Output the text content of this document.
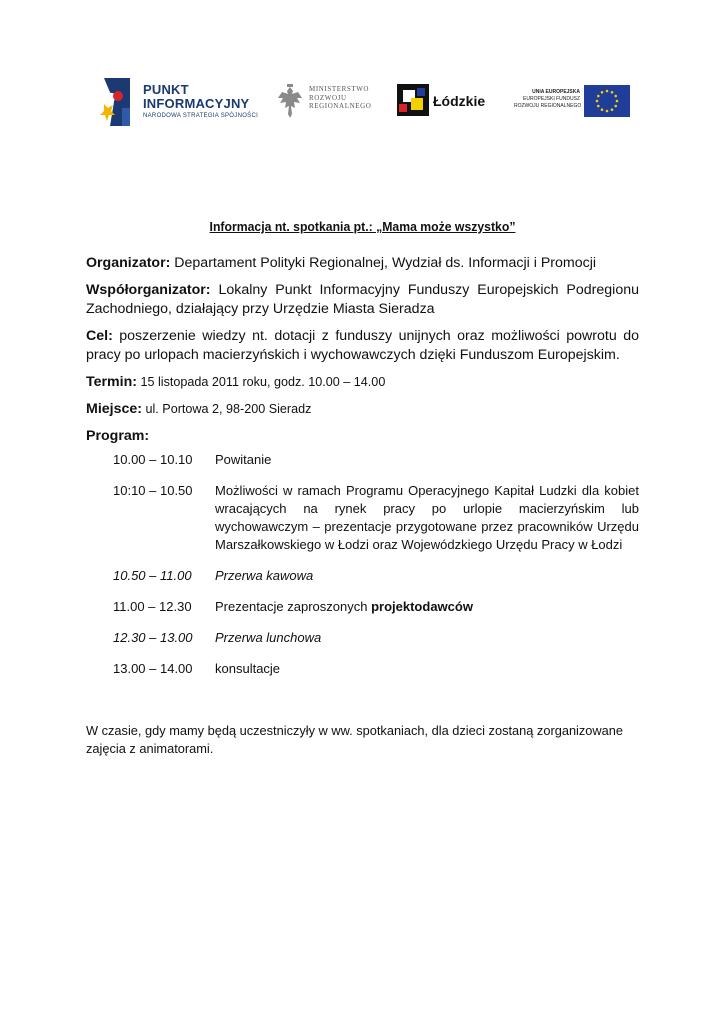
PUNKT
INFORMACYJNY
NARODOWA STRATEGIA SPÓJNOŚCI
MINISTERSTWO
ROZWOJU
REGIONALNEGO	Łódzkie
UNIA EUROPEJSKA
EUROPEJSKI FUNDUSZ
ROZWOJU REGIONALNEGO

Informacja nt. spotkania pt.: „Mama może wszystko”

Organizator: Departament Polityki Regionalnej, Wydział ds. Informacji i Promocji

Współorganizator: Lokalny Punkt Informacyjny Funduszy Europejskich Podregionu Zachodniego, działający przy Urzędzie Miasta Sieradza

Cel: poszerzenie wiedzy nt. dotacji z funduszy unijnych oraz możliwości powrotu do pracy po urlopach macierzyńskich i wychowawczych dzięki Funduszom Europejskim.

Termin: 15 listopada 2011 roku, godz. 10.00 – 14.00

Miejsce: ul. Portowa 2, 98-200 Sieradz

Program:

10.00 – 10.10 Powitanie
10:10 – 10.50 Możliwości w ramach Programu Operacyjnego Kapitał Ludzki dla kobiet wracających na rynek pracy po urlopie macierzyńskim lub wychowawczym – prezentacje przygotowane przez pracowników Urzędu Marszałkowskiego w Łodzi oraz Wojewódzkiego Urzędu Pracy w Łodzi
10.50 – 11.00 Przerwa kawowa
11.00 – 12.30 Prezentacje zaproszonych projektodawców
12.30 – 13.00 Przerwa lunchowa
13.00 – 14.00 konsultacje

W czasie, gdy mamy będą uczestniczyły w ww. spotkaniach, dla dzieci zostaną zorganizowane zajęcia z animatorami.
